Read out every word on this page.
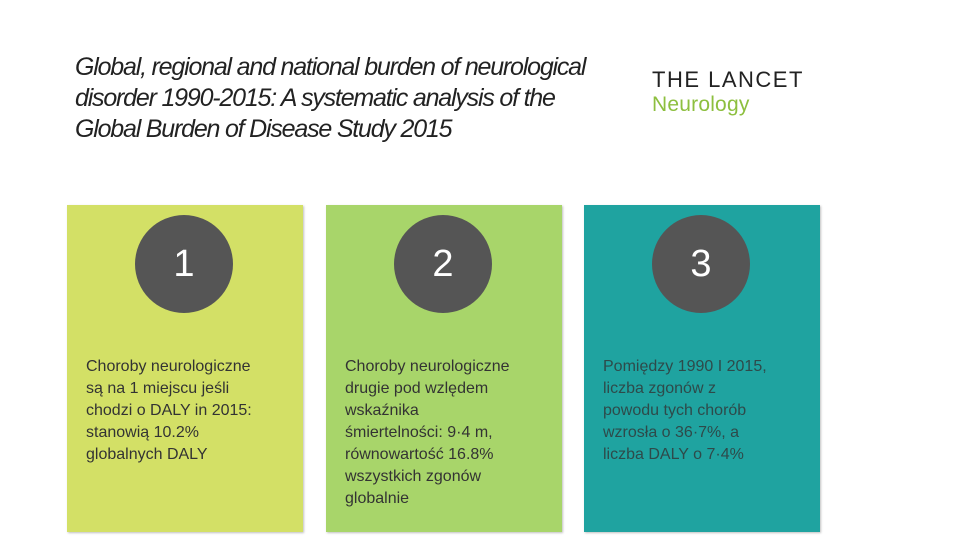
Global, regional and national burden of neurological disorder 1990-2015: A systematic analysis of the Global Burden of Disease Study 2015
THE LANCET
Neurology
1
Choroby neurologiczne
są na 1 miejscu jeśli
chodzi o DALY in 2015:
stanowią 10.2%
globalnych DALY
2
Choroby neurologiczne
drugie pod wzlędem
wskaźnika
śmiertelności: 9·4 m,
równowartość 16.8%
wszystkich zgonów
globalnie
3
Pomiędzy 1990 I 2015,
liczba zgonów z
powodu tych chorób
wzrosła o 36·7%, a
liczba DALY o 7·4%
